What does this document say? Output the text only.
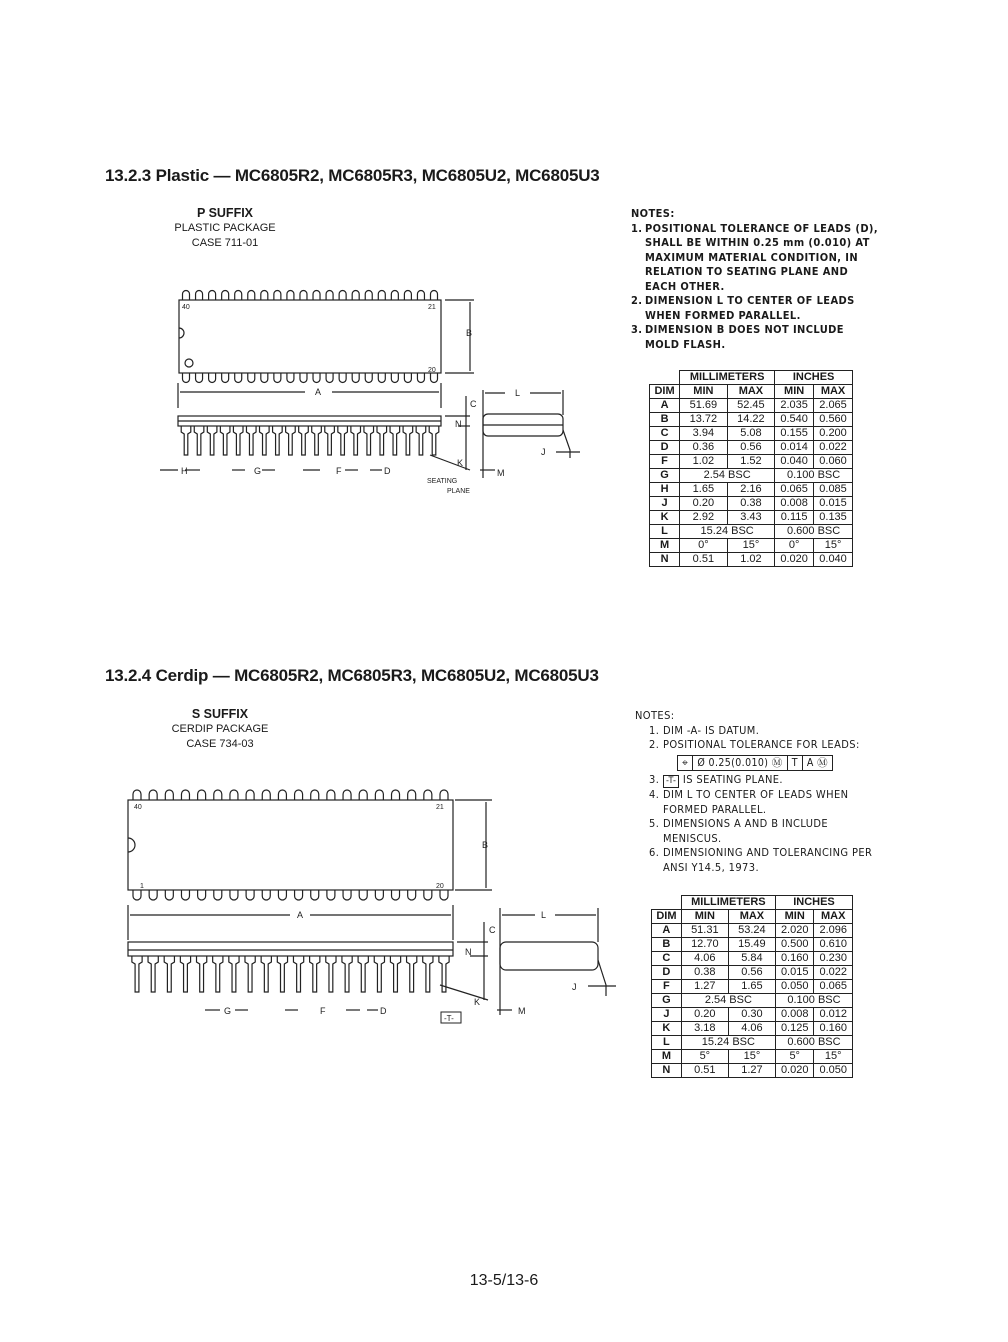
13.2.3 Plastic — MC6805R2, MC6805R3, MC6805U2, MC6805U3
P SUFFIX
PLASTIC PACKAGE
CASE 711-01
40	21
20
B
A
C
N
K
H	G	F	D
SEATING
PLANE
L
J
M
40	21
1	20
B
A
C
N
K
G	F	D
-T-
L
J
M
NOTES:
1. POSITIONAL TOLERANCE OF LEADS (D), SHALL BE WITHIN 0.25 mm (0.010) AT MAXIMUM MATERIAL CONDITION, IN RELATION TO SEATING PLANE AND EACH OTHER.
2. DIMENSION L TO CENTER OF LEADS WHEN FORMED PARALLEL.
3. DIMENSION B DOES NOT INCLUDE MOLD FLASH.
	MILLIMETERS		INCHES	
DIM	MIN	MAX	MIN	MAX
A	51.69	52.45	2.035	2.065
B	13.72	14.22	0.540	0.560
C	3.94	5.08	0.155	0.200
D	0.36	0.56	0.014	0.022
F	1.02	1.52	0.040	0.060
G	2.54 BSC		0.100 BSC	
H	1.65	2.16	0.065	0.085
J	0.20	0.38	0.008	0.015
K	2.92	3.43	0.115	0.135
L	15.24 BSC		0.600 BSC	
M	0°	15°	0°	15°
N	0.51	1.02	0.020	0.040
13.2.4 Cerdip — MC6805R2, MC6805R3, MC6805U2, MC6805U3
S SUFFIX
CERDIP PACKAGE
CASE 734-03
NOTES:
1. DIM -A- IS DATUM.
2. POSITIONAL TOLERANCE FOR LEADS:
⌖ Ø 0.25(0.010) Ⓜ T A Ⓜ
3. -T- IS SEATING PLANE.
4. DIM L TO CENTER OF LEADS WHEN FORMED PARALLEL.
5. DIMENSIONS A AND B INCLUDE MENISCUS.
6. DIMENSIONING AND TOLERANCING PER ANSI Y14.5, 1973.
	MILLIMETERS		INCHES	
DIM	MIN	MAX	MIN	MAX
A	51.31	53.24	2.020	2.096
B	12.70	15.49	0.500	0.610
C	4.06	5.84	0.160	0.230
D	0.38	0.56	0.015	0.022
F	1.27	1.65	0.050	0.065
G	2.54 BSC		0.100 BSC	
J	0.20	0.30	0.008	0.012
K	3.18	4.06	0.125	0.160
L	15.24 BSC		0.600 BSC	
M	5°	15°	5°	15°
N	0.51	1.27	0.020	0.050
13-5/13-6
